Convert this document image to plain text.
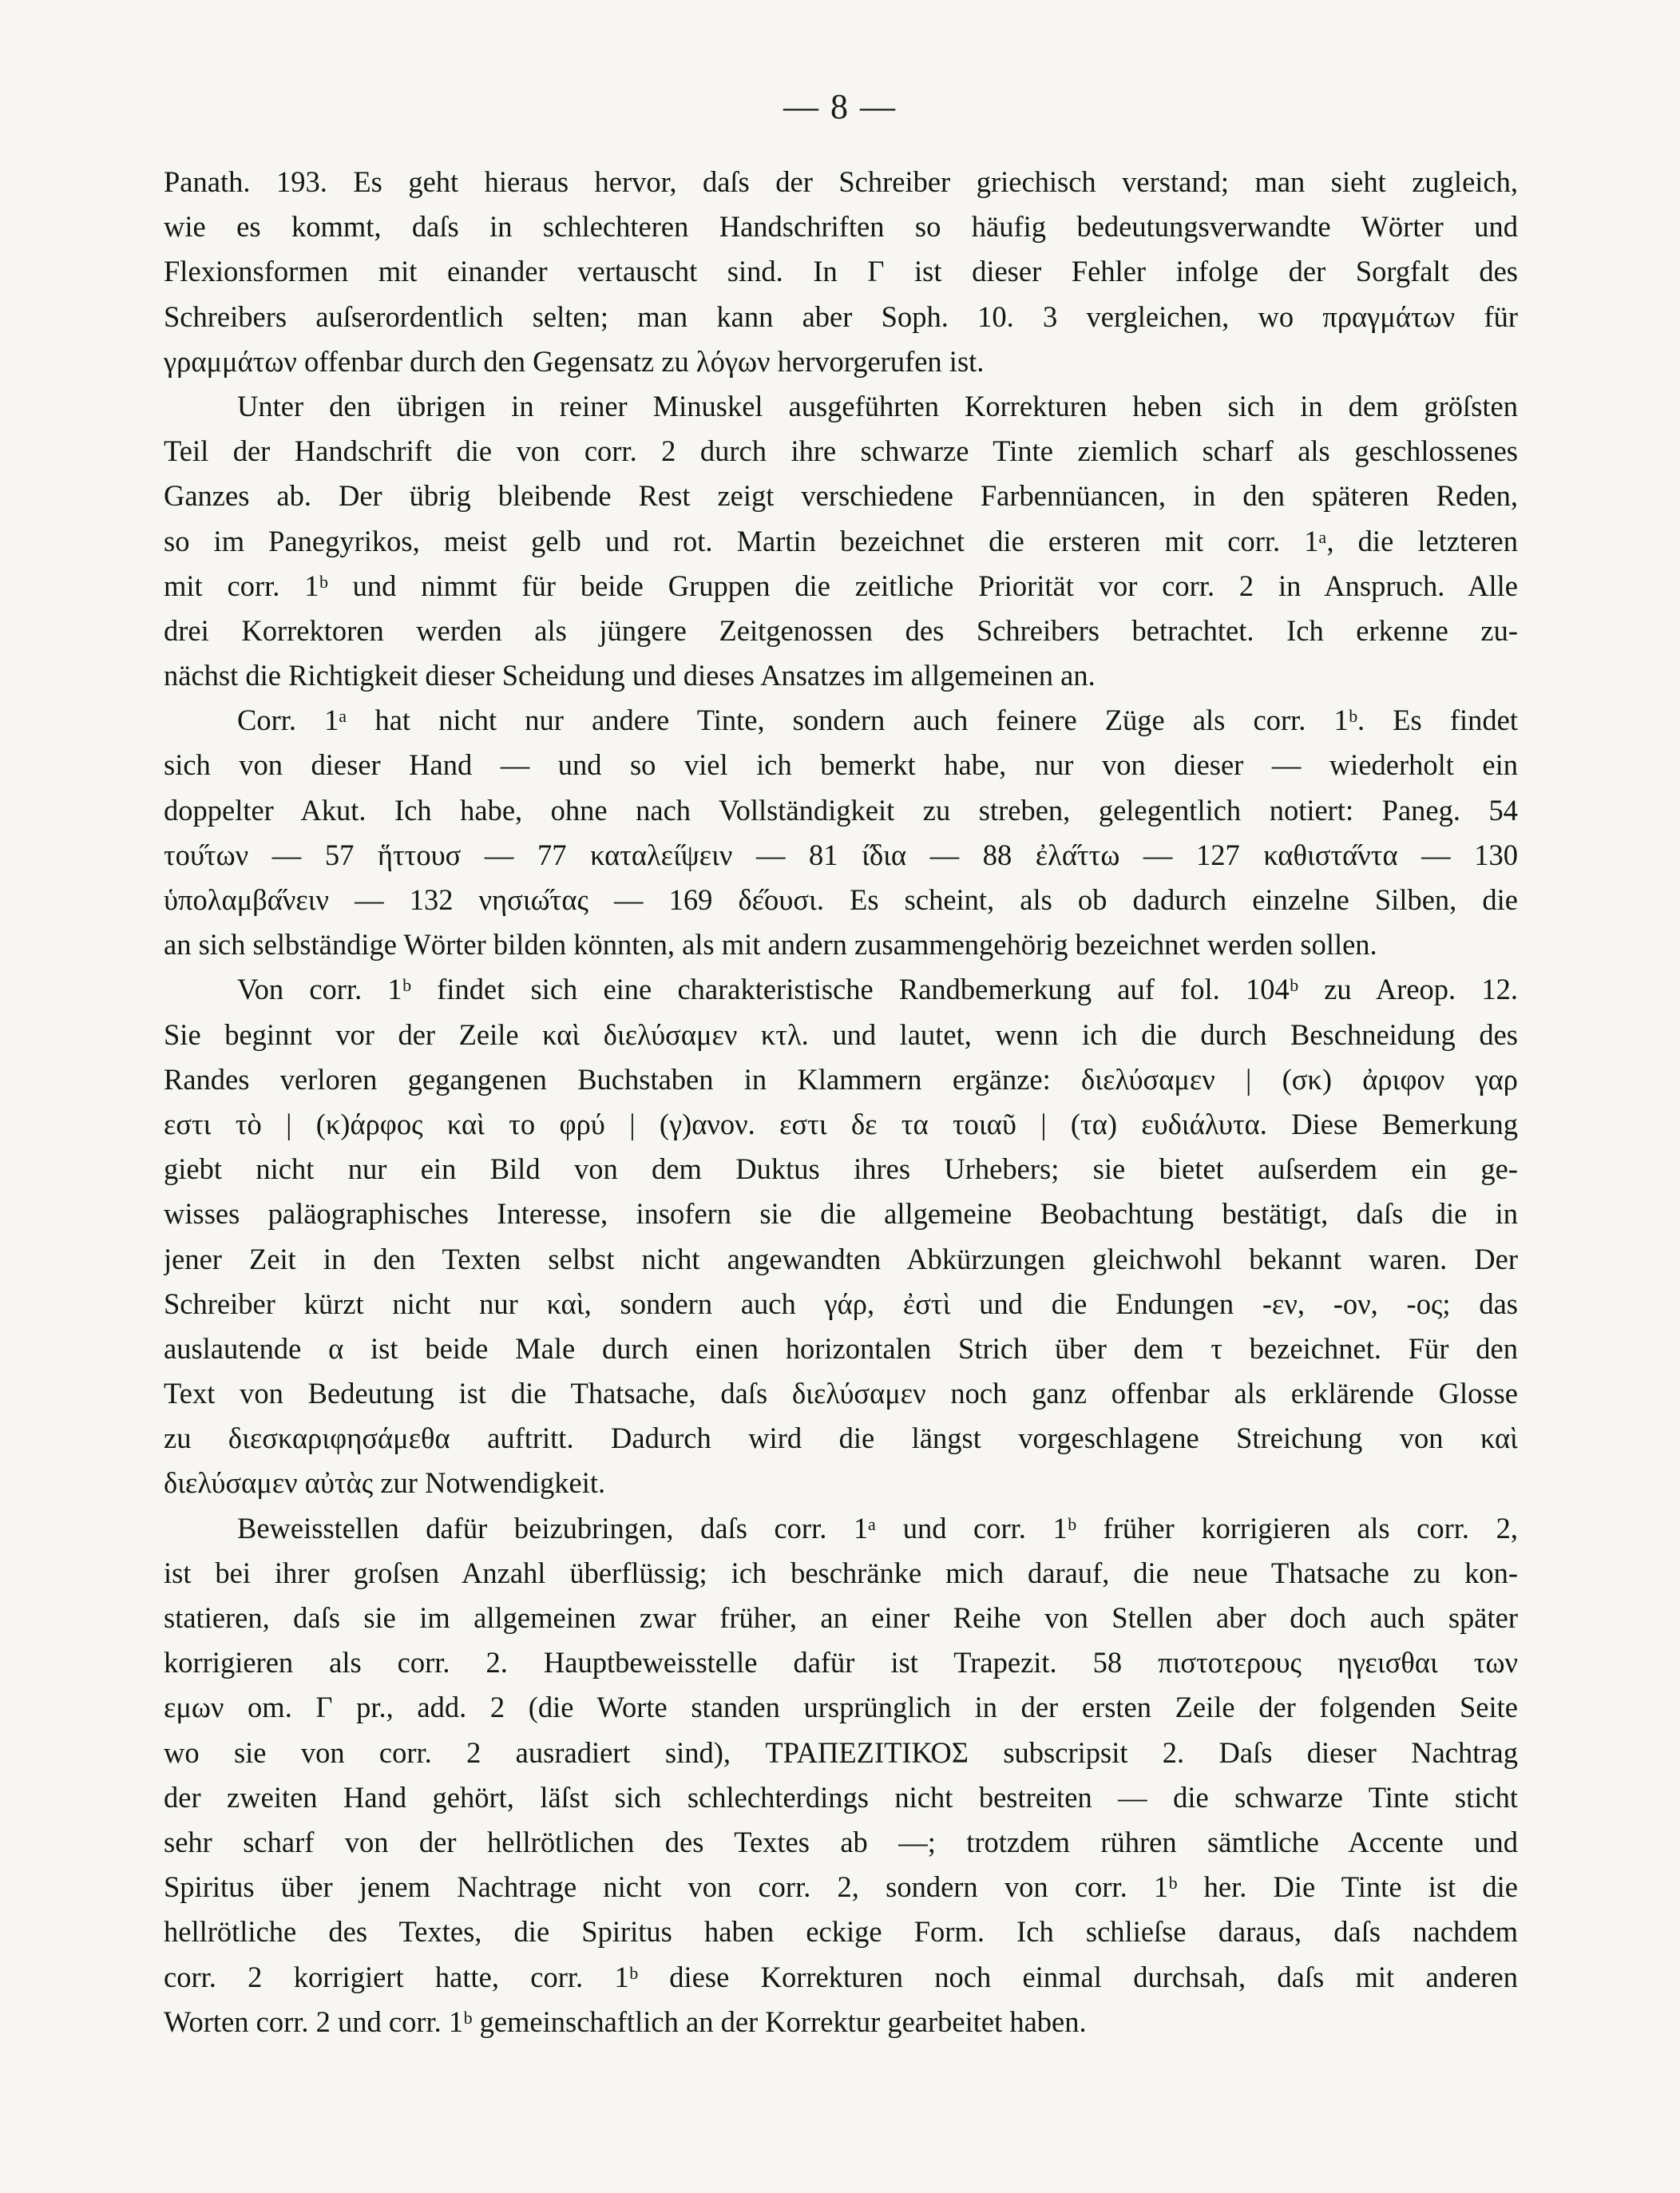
— 8 —
Panath. 193. Es geht hieraus hervor, daſs der Schreiber griechisch verstand; man sieht zugleich,
wie es kommt, daſs in schlechteren Handschriften so häufig bedeutungsverwandte Wörter und
Flexionsformen mit einander vertauscht sind. In Γ ist dieser Fehler infolge der Sorgfalt des
Schreibers auſserordentlich selten; man kann aber Soph. 10. 3 vergleichen, wo πραγμάτων für
γραμμάτων offenbar durch den Gegensatz zu λόγων hervorgerufen ist.
Unter den übrigen in reiner Minuskel ausgeführten Korrekturen heben sich in dem gröſsten
Teil der Handschrift die von corr. 2 durch ihre schwarze Tinte ziemlich scharf als geschlossenes
Ganzes ab. Der übrig bleibende Rest zeigt verschiedene Farbennüancen, in den späteren Reden,
so im Panegyrikos, meist gelb und rot. Martin bezeichnet die ersteren mit corr. 1ᵃ, die letzteren
mit corr. 1ᵇ und nimmt für beide Gruppen die zeitliche Priorität vor corr. 2 in Anspruch. Alle
drei Korrektoren werden als jüngere Zeitgenossen des Schreibers betrachtet. Ich erkenne zu-
nächst die Richtigkeit dieser Scheidung und dieses Ansatzes im allgemeinen an.
Corr. 1ᵃ hat nicht nur andere Tinte, sondern auch feinere Züge als corr. 1ᵇ. Es findet
sich von dieser Hand — und so viel ich bemerkt habe, nur von dieser — wiederholt ein
doppelter Akut. Ich habe, ohne nach Vollständigkeit zu streben, gelegentlich notiert: Paneg. 54
του̋των — 57 ἥττουσ — 77 καταλει̋ψειν — 81 ι̋δια — 88 ἐλα̋ττω — 127 καθιστα̋ντα — 130
ὑπολαμβα̋νειν — 132 νησιω̋τας — 169 δε̋ουσι. Es scheint, als ob dadurch einzelne Silben, die
an sich selbständige Wörter bilden könnten, als mit andern zusammengehörig bezeichnet werden sollen.
Von corr. 1ᵇ findet sich eine charakteristische Randbemerkung auf fol. 104ᵇ zu Areop. 12.
Sie beginnt vor der Zeile καὶ διελύσαμεν κτλ. und lautet, wenn ich die durch Beschneidung des
Randes verloren gegangenen Buchstaben in Klammern ergänze: διελύσαμεν | (σκ) ἀριφον γαρ
εστι τὸ | (κ)άρφος καὶ το φρύ | (γ)ανον. εστι δε τα τοιαῦ | (τα) ευδιάλυτα. Diese Bemerkung
giebt nicht nur ein Bild von dem Duktus ihres Urhebers; sie bietet auſserdem ein ge-
wisses paläographisches Interesse, insofern sie die allgemeine Beobachtung bestätigt, daſs die in
jener Zeit in den Texten selbst nicht angewandten Abkürzungen gleichwohl bekannt waren. Der
Schreiber kürzt nicht nur καὶ, sondern auch γάρ, ἐστὶ und die Endungen -εν, -ον, -ος; das
auslautende α ist beide Male durch einen horizontalen Strich über dem τ bezeichnet. Für den
Text von Bedeutung ist die Thatsache, daſs διελύσαμεν noch ganz offenbar als erklärende Glosse
zu διεσκαριφησάμεθα auftritt. Dadurch wird die längst vorgeschlagene Streichung von καὶ
διελύσαμεν αὐτὰς zur Notwendigkeit.
Beweisstellen dafür beizubringen, daſs corr. 1ᵃ und corr. 1ᵇ früher korrigieren als corr. 2,
ist bei ihrer groſsen Anzahl überflüssig; ich beschränke mich darauf, die neue Thatsache zu kon-
statieren, daſs sie im allgemeinen zwar früher, an einer Reihe von Stellen aber doch auch später
korrigieren als corr. 2. Hauptbeweisstelle dafür ist Trapezit. 58 πιστοτερους ηγεισθαι των
εμων om. Γ pr., add. 2 (die Worte standen ursprünglich in der ersten Zeile der folgenden Seite
wo sie von corr. 2 ausradiert sind), ΤΡΑΠΕΖΙΤΙΚΟΣ subscripsit 2. Daſs dieser Nachtrag
der zweiten Hand gehört, läſst sich schlechterdings nicht bestreiten — die schwarze Tinte sticht
sehr scharf von der hellrötlichen des Textes ab —; trotzdem rühren sämtliche Accente und
Spiritus über jenem Nachtrage nicht von corr. 2, sondern von corr. 1ᵇ her. Die Tinte ist die
hellrötliche des Textes, die Spiritus haben eckige Form. Ich schlieſse daraus, daſs nachdem
corr. 2 korrigiert hatte, corr. 1ᵇ diese Korrekturen noch einmal durchsah, daſs mit anderen
Worten corr. 2 und corr. 1ᵇ gemeinschaftlich an der Korrektur gearbeitet haben.
